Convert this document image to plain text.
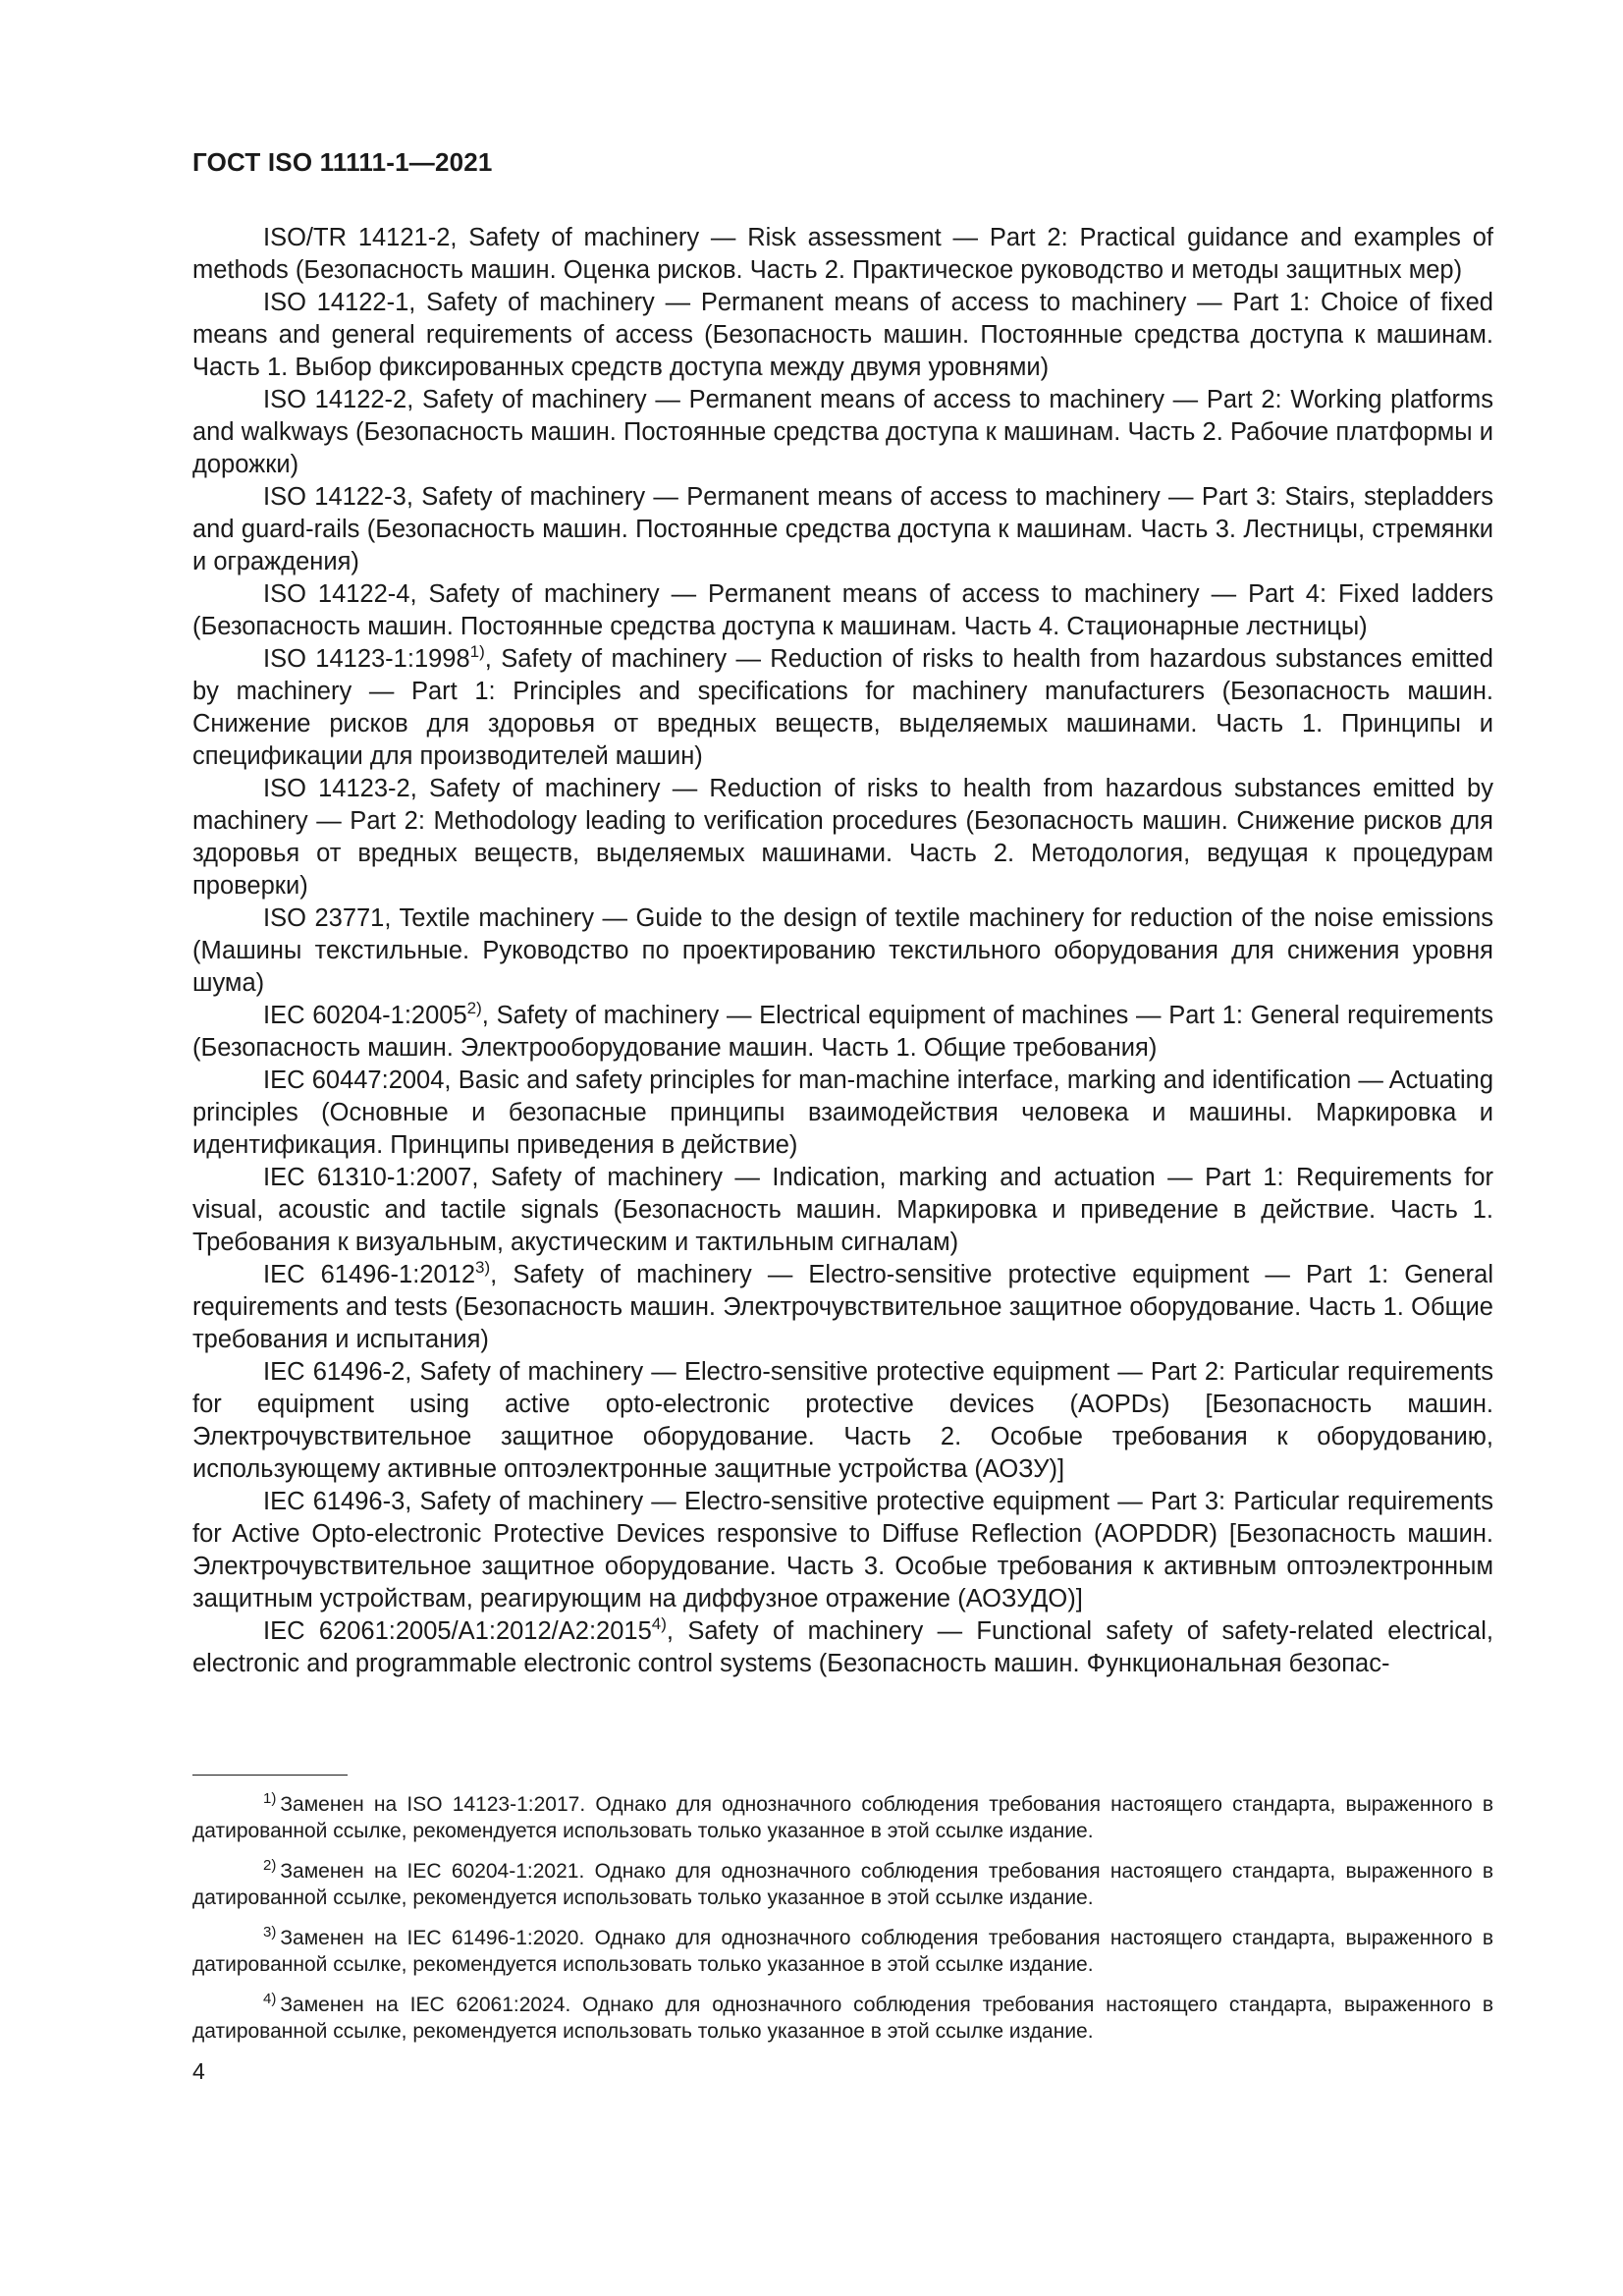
ГОСТ ISO 11111-1—2021

ISO/TR 14121-2, Safety of machinery — Risk assessment — Part 2: Practical guidance and examples of methods (Безопасность машин. Оценка рисков. Часть 2. Практическое руководство и методы защитных мер)

ISO 14122-1, Safety of machinery — Permanent means of access to machinery — Part 1: Choice of fixed means and general requirements of access (Безопасность машин. Постоянные средства доступа к машинам. Часть 1. Выбор фиксированных средств доступа между двумя уровнями)

ISO 14122-2, Safety of machinery — Permanent means of access to machinery — Part 2: Working platforms and walkways (Безопасность машин. Постоянные средства доступа к машинам. Часть 2. Рабочие платформы и дорожки)

ISO 14122-3, Safety of machinery — Permanent means of access to machinery — Part 3: Stairs, stepladders and guard-rails (Безопасность машин. Постоянные средства доступа к машинам. Часть 3. Лестницы, стремянки и ограждения)

ISO 14122-4, Safety of machinery — Permanent means of access to machinery — Part 4: Fixed ladders (Безопасность машин. Постоянные средства доступа к машинам. Часть 4. Стационарные лестницы)

ISO 14123-1:1998$^{1)}$, Safety of machinery — Reduction of risks to health from hazardous substances emitted by machinery — Part 1: Principles and specifications for machinery manufacturers (Безопасность машин. Снижение рисков для здоровья от вредных веществ, выделяемых машинами. Часть 1. Принципы и спецификации для производителей машин)

ISO 14123-2, Safety of machinery — Reduction of risks to health from hazardous substances emitted by machinery — Part 2: Methodology leading to verification procedures (Безопасность машин. Снижение рисков для здоровья от вредных веществ, выделяемых машинами. Часть 2. Методология, ведущая к процедурам проверки)

ISO 23771, Textile machinery — Guide to the design of textile machinery for reduction of the noise emissions (Машины текстильные. Руководство по проектированию текстильного оборудования для снижения уровня шума)

IEC 60204-1:2005$^{2)}$, Safety of machinery — Electrical equipment of machines — Part 1: General requirements (Безопасность машин. Электрооборудование машин. Часть 1. Общие требования)

IEC 60447:2004, Basic and safety principles for man-machine interface, marking and identification — Actuating principles (Основные и безопасные принципы взаимодействия человека и машины. Маркировка и идентификация. Принципы приведения в действие)

IEC 61310-1:2007, Safety of machinery — Indication, marking and actuation — Part 1: Requirements for visual, acoustic and tactile signals (Безопасность машин. Маркировка и приведение в действие. Часть 1. Требования к визуальным, акустическим и тактильным сигналам)

IEC 61496-1:2012$^{3)}$, Safety of machinery — Electro-sensitive protective equipment — Part 1: General requirements and tests (Безопасность машин. Электрочувствительное защитное оборудование. Часть 1. Общие требования и испытания)

IEC 61496-2, Safety of machinery — Electro-sensitive protective equipment — Part 2: Particular requirements for equipment using active opto-electronic protective devices (AOPDs) [Безопасность машин. Электрочувствительное защитное оборудование. Часть 2. Особые требования к оборудованию, использующему активные оптоэлектронные защитные устройства (АОЗУ)]

IEC 61496-3, Safety of machinery — Electro-sensitive protective equipment — Part 3: Particular requirements for Active Opto-electronic Protective Devices responsive to Diffuse Reflection (AOPDDR) [Безопасность машин. Электрочувствительное защитное оборудование. Часть 3. Особые требования к активным оптоэлектронным защитным устройствам, реагирующим на диффузное отражение (АОЗУДО)]

IEC 62061:2005/A1:2012/A2:2015$^{4)}$, Safety of machinery — Functional safety of safety-related electrical, electronic and programmable electronic control systems (Безопасность машин. Функциональная безопас-

$^{1)}$ Заменен на ISO 14123-1:2017. Однако для однозначного соблюдения требования настоящего стандарта, выраженного в датированной ссылке, рекомендуется использовать только указанное в этой ссылке издание.

$^{2)}$ Заменен на IEC 60204-1:2021. Однако для однозначного соблюдения требования настоящего стандарта, выраженного в датированной ссылке, рекомендуется использовать только указанное в этой ссылке издание.

$^{3)}$ Заменен на IEC 61496-1:2020. Однако для однозначного соблюдения требования настоящего стандарта, выраженного в датированной ссылке, рекомендуется использовать только указанное в этой ссылке издание.

$^{4)}$ Заменен на IEC 62061:2024. Однако для однозначного соблюдения требования настоящего стандарта, выраженного в датированной ссылке, рекомендуется использовать только указанное в этой ссылке издание.

4
